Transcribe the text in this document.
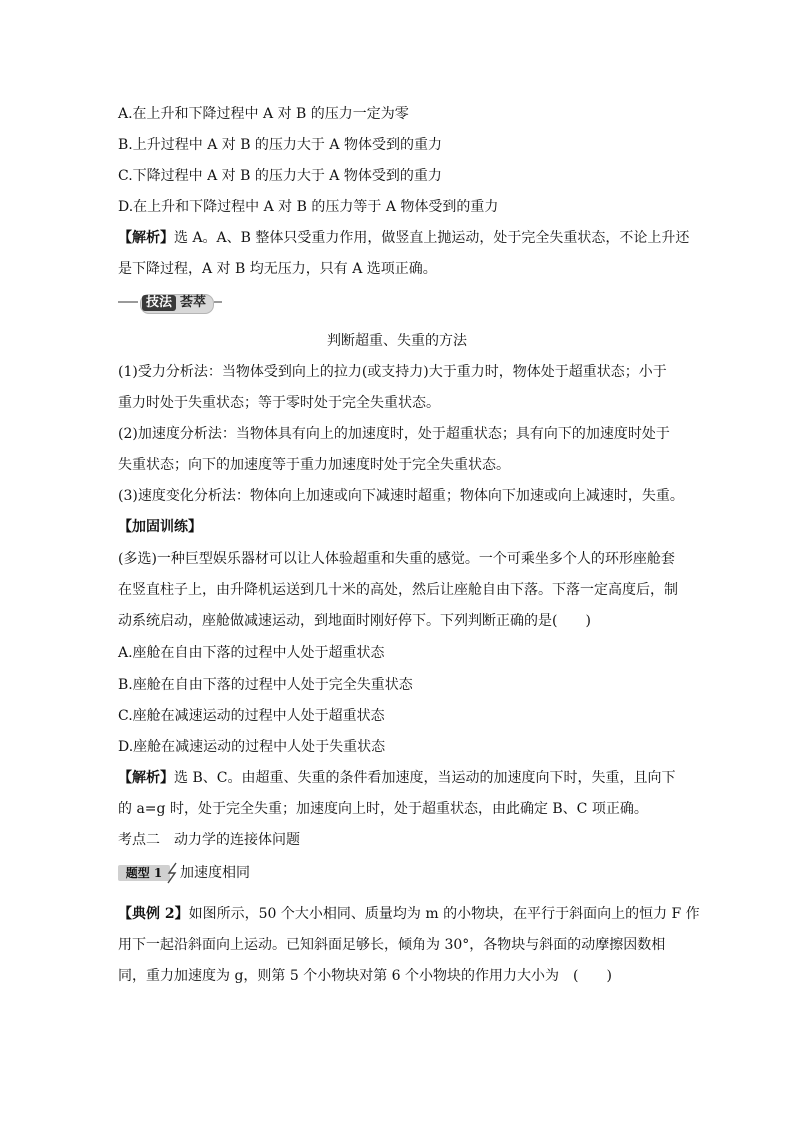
A.在上升和下降过程中 A 对 B 的压力一定为零
B.上升过程中 A 对 B 的压力大于 A 物体受到的重力
C.下降过程中 A 对 B 的压力大于 A 物体受到的重力
D.在上升和下降过程中 A 对 B 的压力等于 A 物体受到的重力
【解析】选 A。A、B 整体只受重力作用，做竖直上抛运动，处于完全失重状态，不论上升还
是下降过程，A 对 B 均无压力，只有 A 选项正确。
技法 荟萃
判断超重、失重的方法
(1)受力分析法：当物体受到向上的拉力(或支持力)大于重力时，物体处于超重状态；小于
重力时处于失重状态；等于零时处于完全失重状态。
(2)加速度分析法：当物体具有向上的加速度时，处于超重状态；具有向下的加速度时处于
失重状态；向下的加速度等于重力加速度时处于完全失重状态。
(3)速度变化分析法：物体向上加速或向下减速时超重；物体向下加速或向上减速时，失重。
【加固训练】
(多选)一种巨型娱乐器材可以让人体验超重和失重的感觉。一个可乘坐多个人的环形座舱套
在竖直柱子上，由升降机运送到几十米的高处，然后让座舱自由下落。下落一定高度后，制
动系统启动，座舱做减速运动，到地面时刚好停下。下列判断正确的是(　　)
A.座舱在自由下落的过程中人处于超重状态
B.座舱在自由下落的过程中人处于完全失重状态
C.座舱在减速运动的过程中人处于超重状态
D.座舱在减速运动的过程中人处于失重状态
【解析】选 B、C。由超重、失重的条件看加速度，当运动的加速度向下时，失重，且向下
的 a=g 时，处于完全失重；加速度向上时，处于超重状态，由此确定 B、C 项正确。
考点二　动力学的连接体问题
题型 1	加速度相同
【典例 2】如图所示，50 个大小相同、质量均为 m 的小物块，在平行于斜面向上的恒力 F 作
用下一起沿斜面向上运动。已知斜面足够长，倾角为 30°，各物块与斜面的动摩擦因数相
同，重力加速度为 g，则第 5 个小物块对第 6 个小物块的作用力大小为　(　　)
